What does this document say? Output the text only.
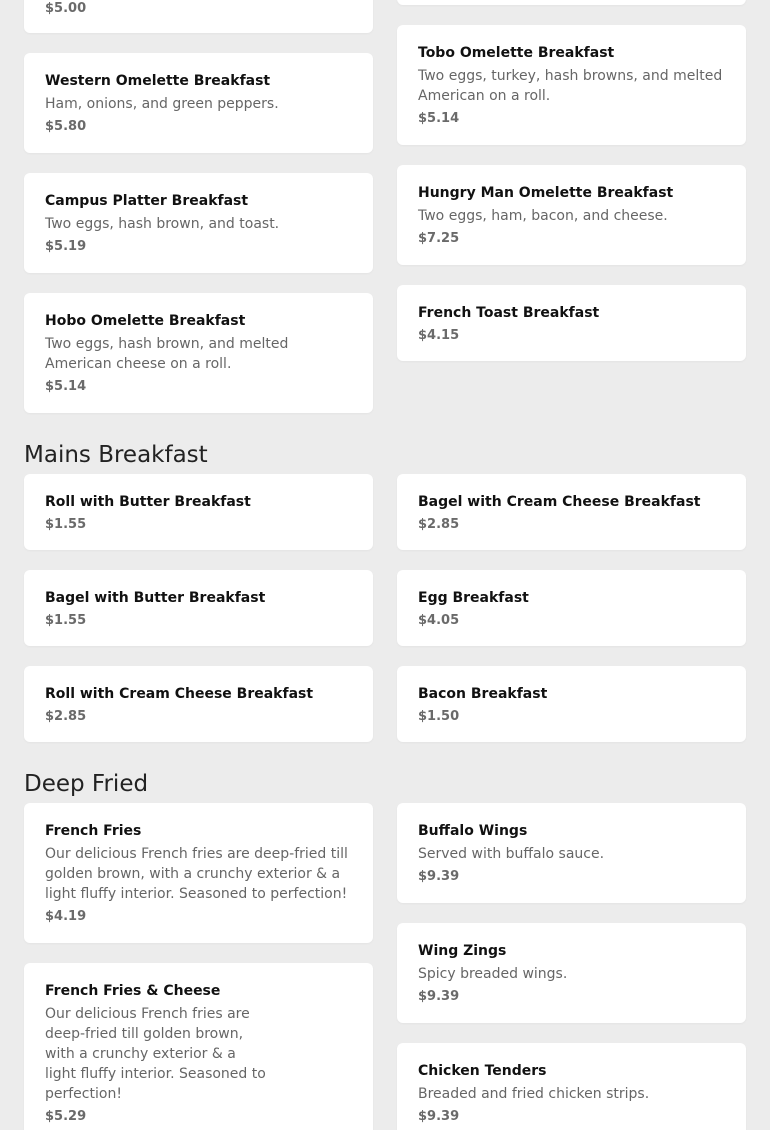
$5.00
Western Omelette Breakfast
Ham, onions, and green peppers.
$5.80
Campus Platter Breakfast
Two eggs, hash brown, and toast.
$5.19
Hobo Omelette Breakfast
Two eggs, hash brown, and melted American cheese on a roll.
$5.14
Tobo Omelette Breakfast
Two eggs, turkey, hash browns, and melted American on a roll.
$5.14
Hungry Man Omelette Breakfast
Two eggs, ham, bacon, and cheese.
$7.25
French Toast Breakfast
$4.15
Mains Breakfast
Roll with Butter Breakfast
$1.55
Bagel with Butter Breakfast
$1.55
Roll with Cream Cheese Breakfast
$2.85
Bagel with Cream Cheese Breakfast
$2.85
Egg Breakfast
$4.05
Bacon Breakfast
$1.50
Deep Fried
French Fries
Our delicious French fries are deep-fried till golden brown, with a crunchy exterior & a light fluffy interior. Seasoned to perfection!
$4.19
French Fries & Cheese
Our delicious French fries are deep-fried till golden brown, with a crunchy exterior & a light fluffy interior. Seasoned to perfection!
$5.29
Buffalo Wings
Served with buffalo sauce.
$9.39
Wing Zings
Spicy breaded wings.
$9.39
Chicken Tenders
Breaded and fried chicken strips.
$9.39
